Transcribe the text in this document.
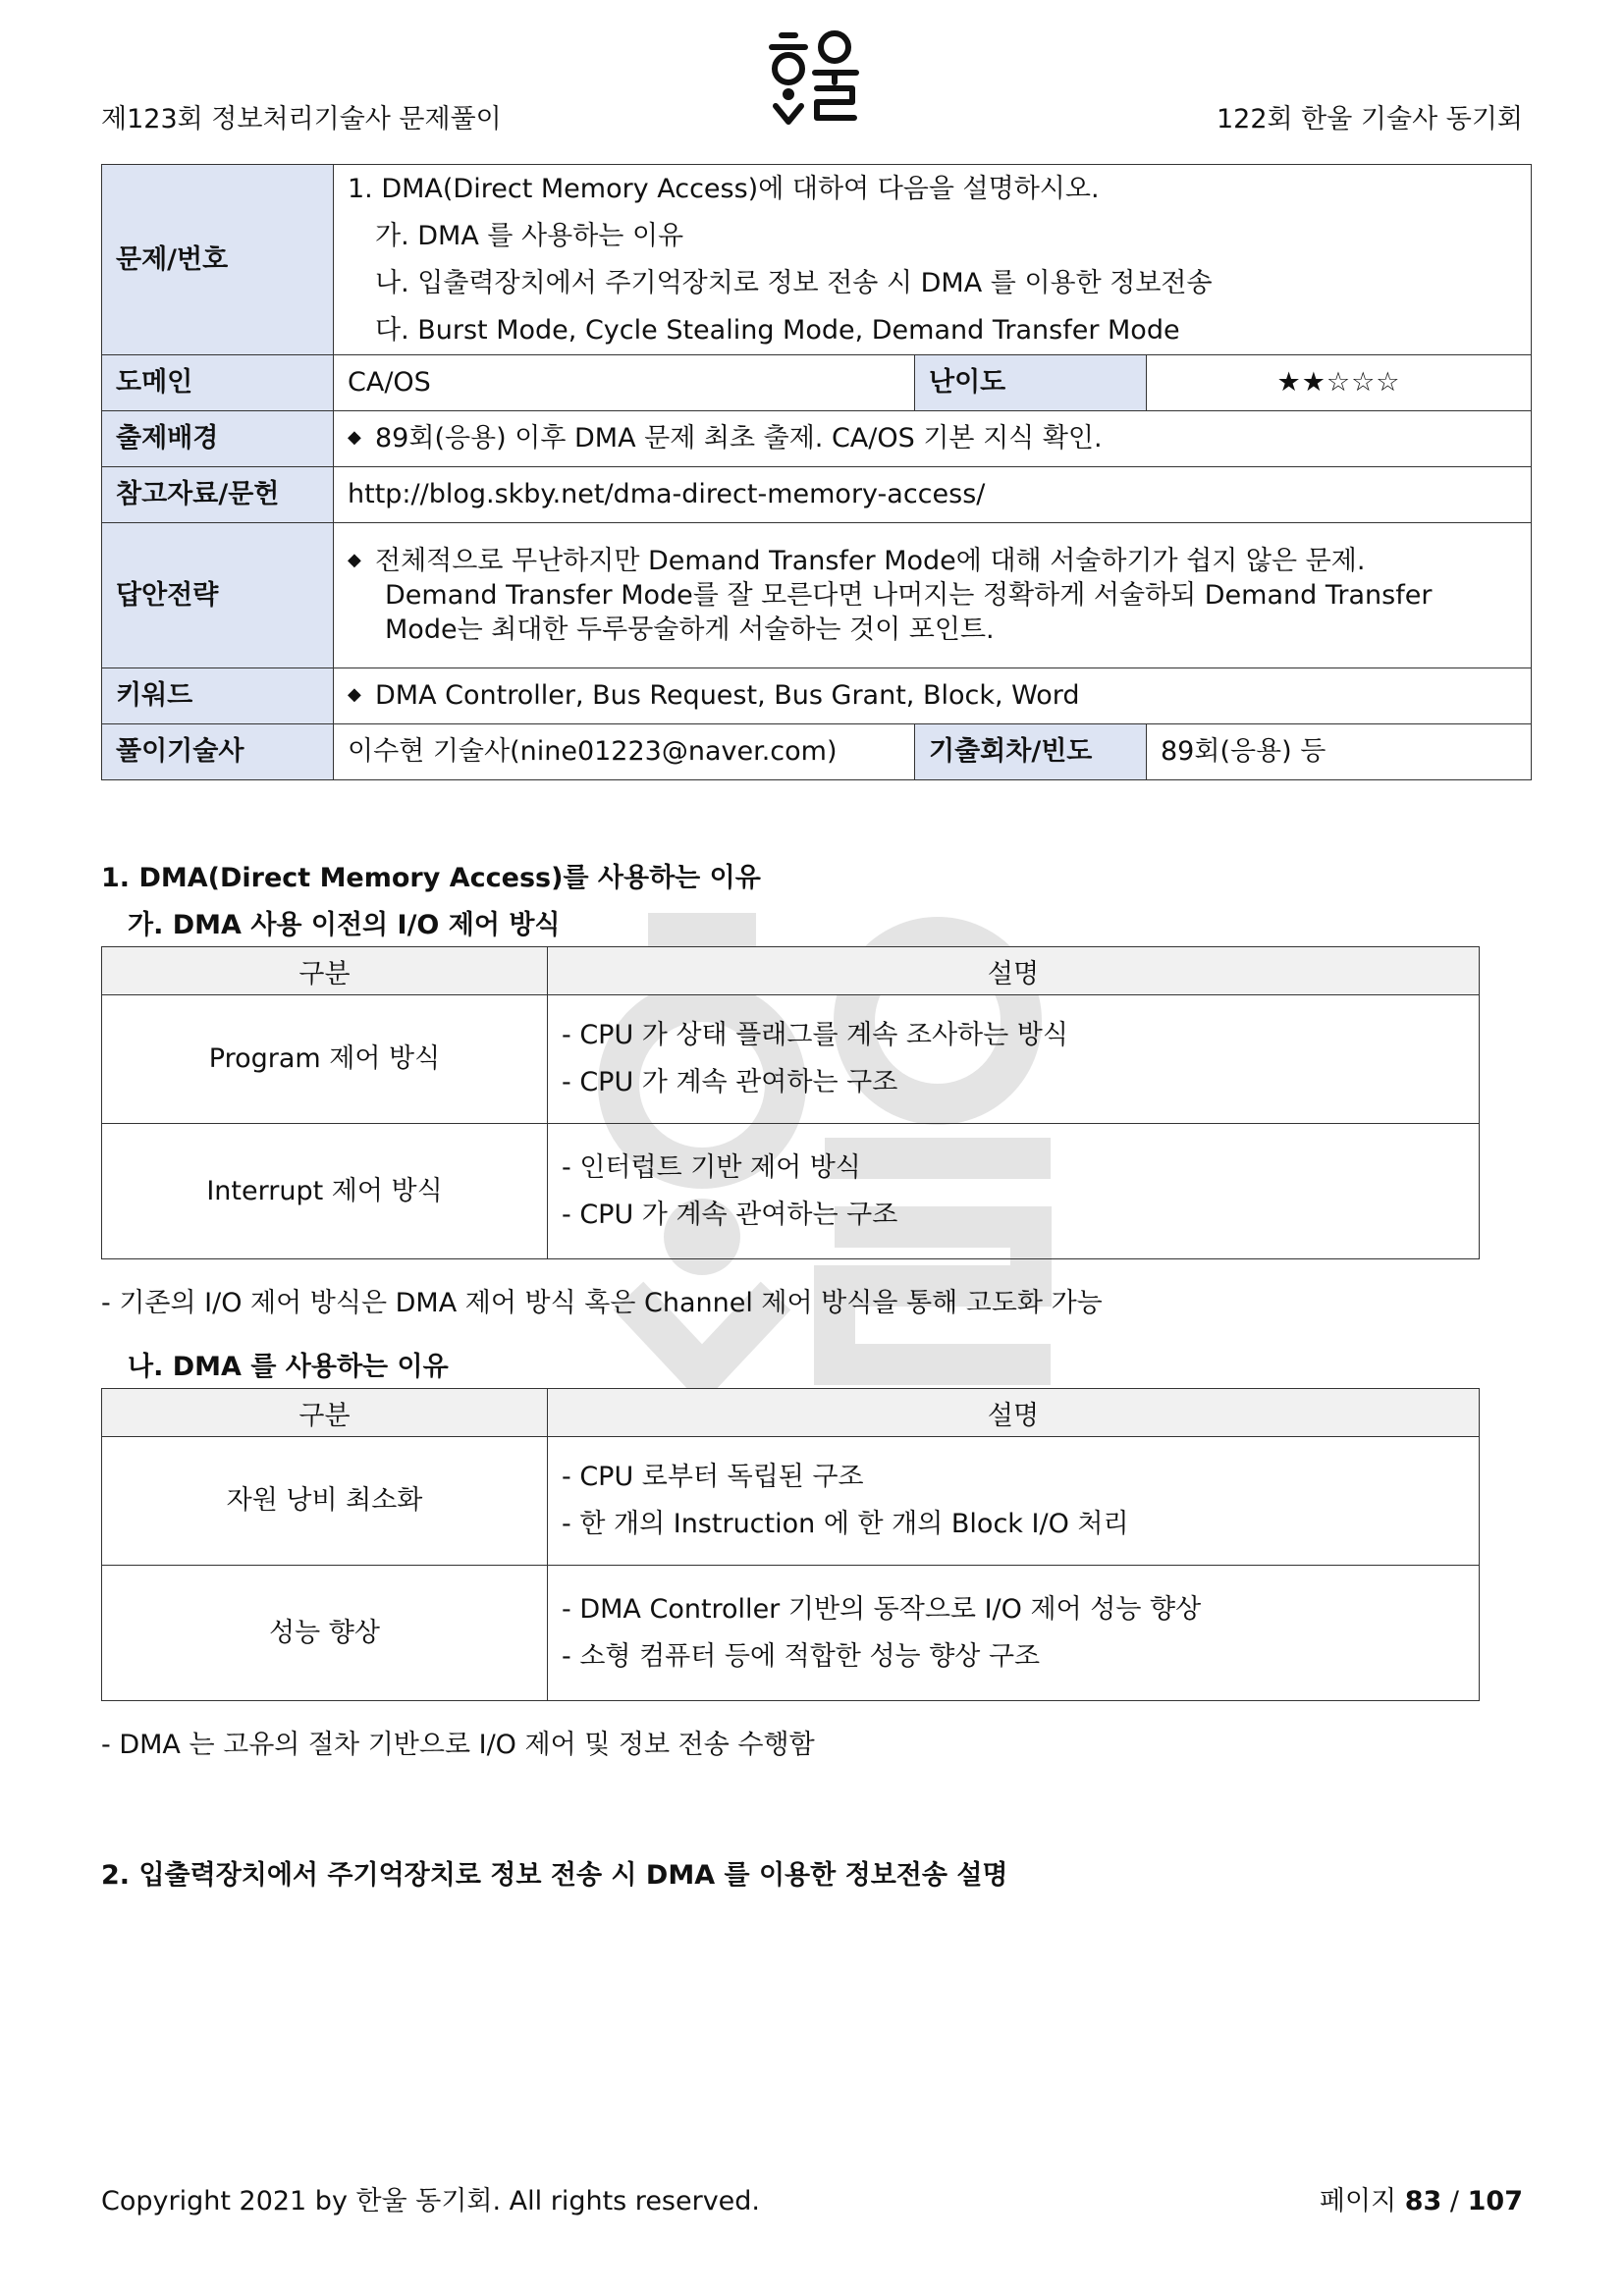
제123회 정보처리기술사 문제풀이	122회 한울 기술사 동기회
문제/번호	1. DMA(Direct Memory Access)에 대하여 다음을 설명하시오.
가. DMA 를 사용하는 이유
나. 입출력장치에서 주기억장치로 정보 전송 시 DMA 를 이용한 정보전송
다. Burst Mode, Cycle Stealing Mode, Demand Transfer Mode		

도메인	CA/OS	난이도	★★☆☆☆
출제배경	◆ 89회(응용) 이후 DMA 문제 최초 출제. CA/OS 기본 지식 확인.		

참고자료/문헌	http://blog.skby.net/dma-direct-memory-access/		
답안전략	◆ 전체적으로 무난하지만 Demand Transfer Mode에 대해 서술하기가 쉽지 않은 문제.
Demand Transfer Mode를 잘 모른다면 나머지는 정확하게 서술하되 Demand Transfer
Mode는 최대한 두루뭉술하게 서술하는 것이 포인트.		

키워드	◆ DMA Controller, Bus Request, Bus Grant, Block, Word		

풀이기술사	이수현 기술사(nine01223@naver.com)	기출회차/빈도	89회(응용) 등
1. DMA(Direct Memory Access)를 사용하는 이유
가. DMA 사용 이전의 I/O 제어 방식
구분	설명
Program 제어 방식	- CPU 가 상태 플래그를 계속 조사하는 방식
- CPU 가 계속 관여하는 구조

Interrupt 제어 방식	- 인터럽트 기반 제어 방식
- CPU 가 계속 관여하는 구조
- 기존의 I/O 제어 방식은 DMA 제어 방식 혹은 Channel 제어 방식을 통해 고도화 가능
나. DMA 를 사용하는 이유
구분	설명
자원 낭비 최소화	- CPU 로부터 독립된 구조
- 한 개의 Instruction 에 한 개의 Block I/O 처리

성능 향상	- DMA Controller 기반의 동작으로 I/O 제어 성능 향상
- 소형 컴퓨터 등에 적합한 성능 향상 구조
- DMA 는 고유의 절차 기반으로 I/O 제어 및 정보 전송 수행함
2. 입출력장치에서 주기억장치로 정보 전송 시 DMA 를 이용한 정보전송 설명
Copyright 2021 by 한울 동기회. All rights reserved.	페이지 83 / 107
